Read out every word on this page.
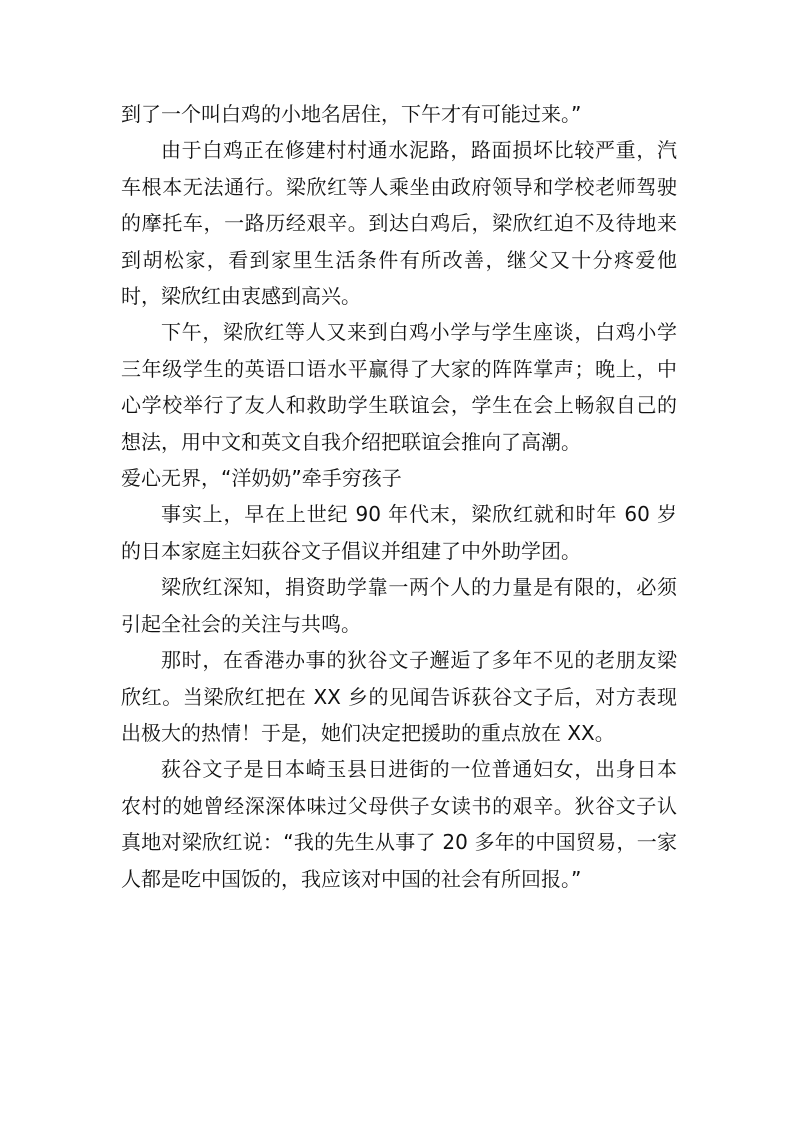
到了一个叫白鸡的小地名居住，下午才有可能过来。”

由于白鸡正在修建村村通水泥路，路面损坏比较严重，汽车根本无法通行。梁欣红等人乘坐由政府领导和学校老师驾驶的摩托车，一路历经艰辛。到达白鸡后，梁欣红迫不及待地来到胡松家，看到家里生活条件有所改善，继父又十分疼爱他时，梁欣红由衷感到高兴。

下午，梁欣红等人又来到白鸡小学与学生座谈，白鸡小学三年级学生的英语口语水平赢得了大家的阵阵掌声；晚上，中心学校举行了友人和救助学生联谊会，学生在会上畅叙自己的想法，用中文和英文自我介绍把联谊会推向了高潮。

爱心无界，“洋奶奶”牵手穷孩子

事实上，早在上世纪 90 年代末，梁欣红就和时年 60 岁的日本家庭主妇荻谷文子倡议并组建了中外助学团。

梁欣红深知，捐资助学靠一两个人的力量是有限的，必须引起全社会的关注与共鸣。

那时，在香港办事的狄谷文子邂逅了多年不见的老朋友梁欣红。当梁欣红把在 XX 乡的见闻告诉荻谷文子后，对方表现出极大的热情！于是，她们决定把援助的重点放在 XX。

荻谷文子是日本崎玉县日进街的一位普通妇女，出身日本农村的她曾经深深体味过父母供子女读书的艰辛。狄谷文子认真地对梁欣红说：“我的先生从事了 20 多年的中国贸易，一家人都是吃中国饭的，我应该对中国的社会有所回报。”
